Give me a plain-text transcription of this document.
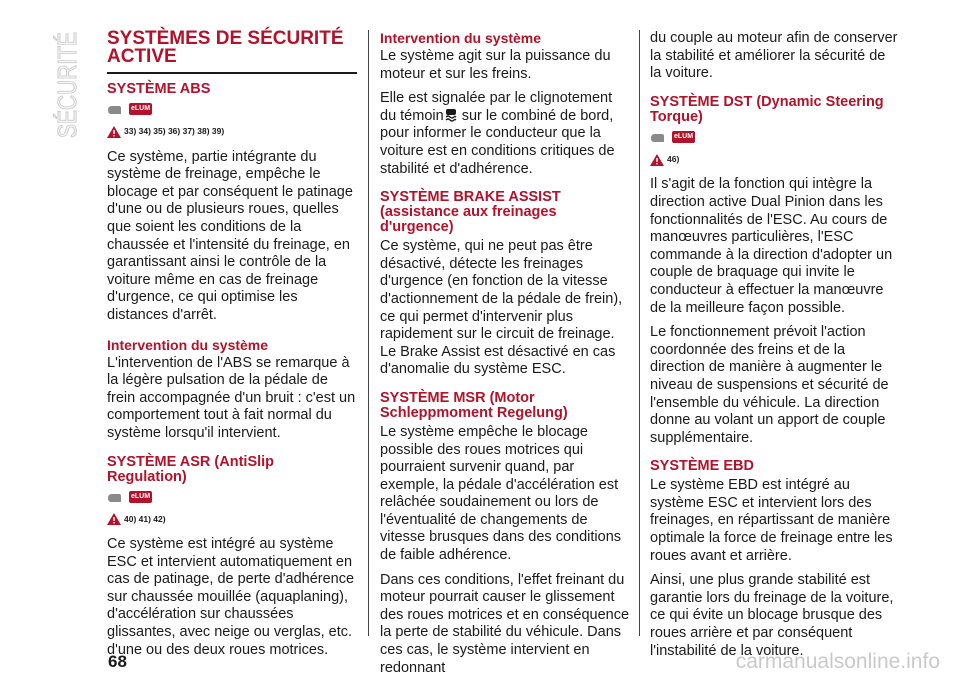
SÉCURITÉ SYSTÈMES DE SÉCURITÉ ACTIVE
SYSTÈME ABS
eLUM
33) 34) 35) 36) 37) 38) 39)

Ce système, partie intégrante du système de freinage, empêche le blocage et par conséquent le patinage d'une ou de plusieurs roues, quelles que soient les conditions de la chaussée et l'intensité du freinage, en garantissant ainsi le contrôle de la voiture même en cas de freinage d'urgence, ce qui optimise les distances d'arrêt.

Intervention du système

L'intervention de l'ABS se remarque à la légère pulsation de la pédale de frein accompagnée d'un bruit : c'est un comportement tout à fait normal du système lorsqu'il intervient.

SYSTÈME ASR (AntiSlip Regulation)
eLUM
40) 41) 42)

Ce système est intégré au système ESC et intervient automatiquement en cas de patinage, de perte d'adhérence sur chaussée mouillée (aquaplaning), d'accélération sur chaussées glissantes, avec neige ou verglas, etc. d'une ou des deux roues motrices.

Intervention du système

Le système agit sur la puissance du moteur et sur les freins.

Elle est signalée par le clignotement du témoin sur le combiné de bord, pour informer le conducteur que la voiture est en conditions critiques de stabilité et d'adhérence.

SYSTÈME BRAKE ASSIST (assistance aux freinages d'urgence)

Ce système, qui ne peut pas être désactivé, détecte les freinages d'urgence (en fonction de la vitesse d'actionnement de la pédale de frein), ce qui permet d'intervenir plus rapidement sur le circuit de freinage. Le Brake Assist est désactivé en cas d'anomalie du système ESC.

SYSTÈME MSR (Motor Schleppmoment Regelung)

Le système empêche le blocage possible des roues motrices qui pourraient survenir quand, par exemple, la pédale d'accélération est relâchée soudainement ou lors de l'éventualité de changements de vitesse brusques dans des conditions de faible adhérence.

Dans ces conditions, l'effet freinant du moteur pourrait causer le glissement des roues motrices et en conséquence la perte de stabilité du véhicule. Dans ces cas, le système intervient en redonnant

du couple au moteur afin de conserver la stabilité et améliorer la sécurité de la voiture.

SYSTÈME DST (Dynamic Steering Torque)
eLUM
46)

Il s'agit de la fonction qui intègre la direction active Dual Pinion dans les fonctionnalités de l'ESC. Au cours de manœuvres particulières, l'ESC commande à la direction d'adopter un couple de braquage qui invite le conducteur à effectuer la manœuvre de la meilleure façon possible.

Le fonctionnement prévoit l'action coordonnée des freins et de la direction de manière à augmenter le niveau de suspensions et sécurité de l'ensemble du véhicule. La direction donne au volant un apport de couple supplémentaire.

SYSTÈME EBD

Le système EBD est intégré au système ESC et intervient lors des freinages, en répartissant de manière optimale la force de freinage entre les roues avant et arrière.

Ainsi, une plus grande stabilité est garantie lors du freinage de la voiture, ce qui évite un blocage brusque des roues arrière et par conséquent l'instabilité de la voiture.

68	carmanualsonline.info
